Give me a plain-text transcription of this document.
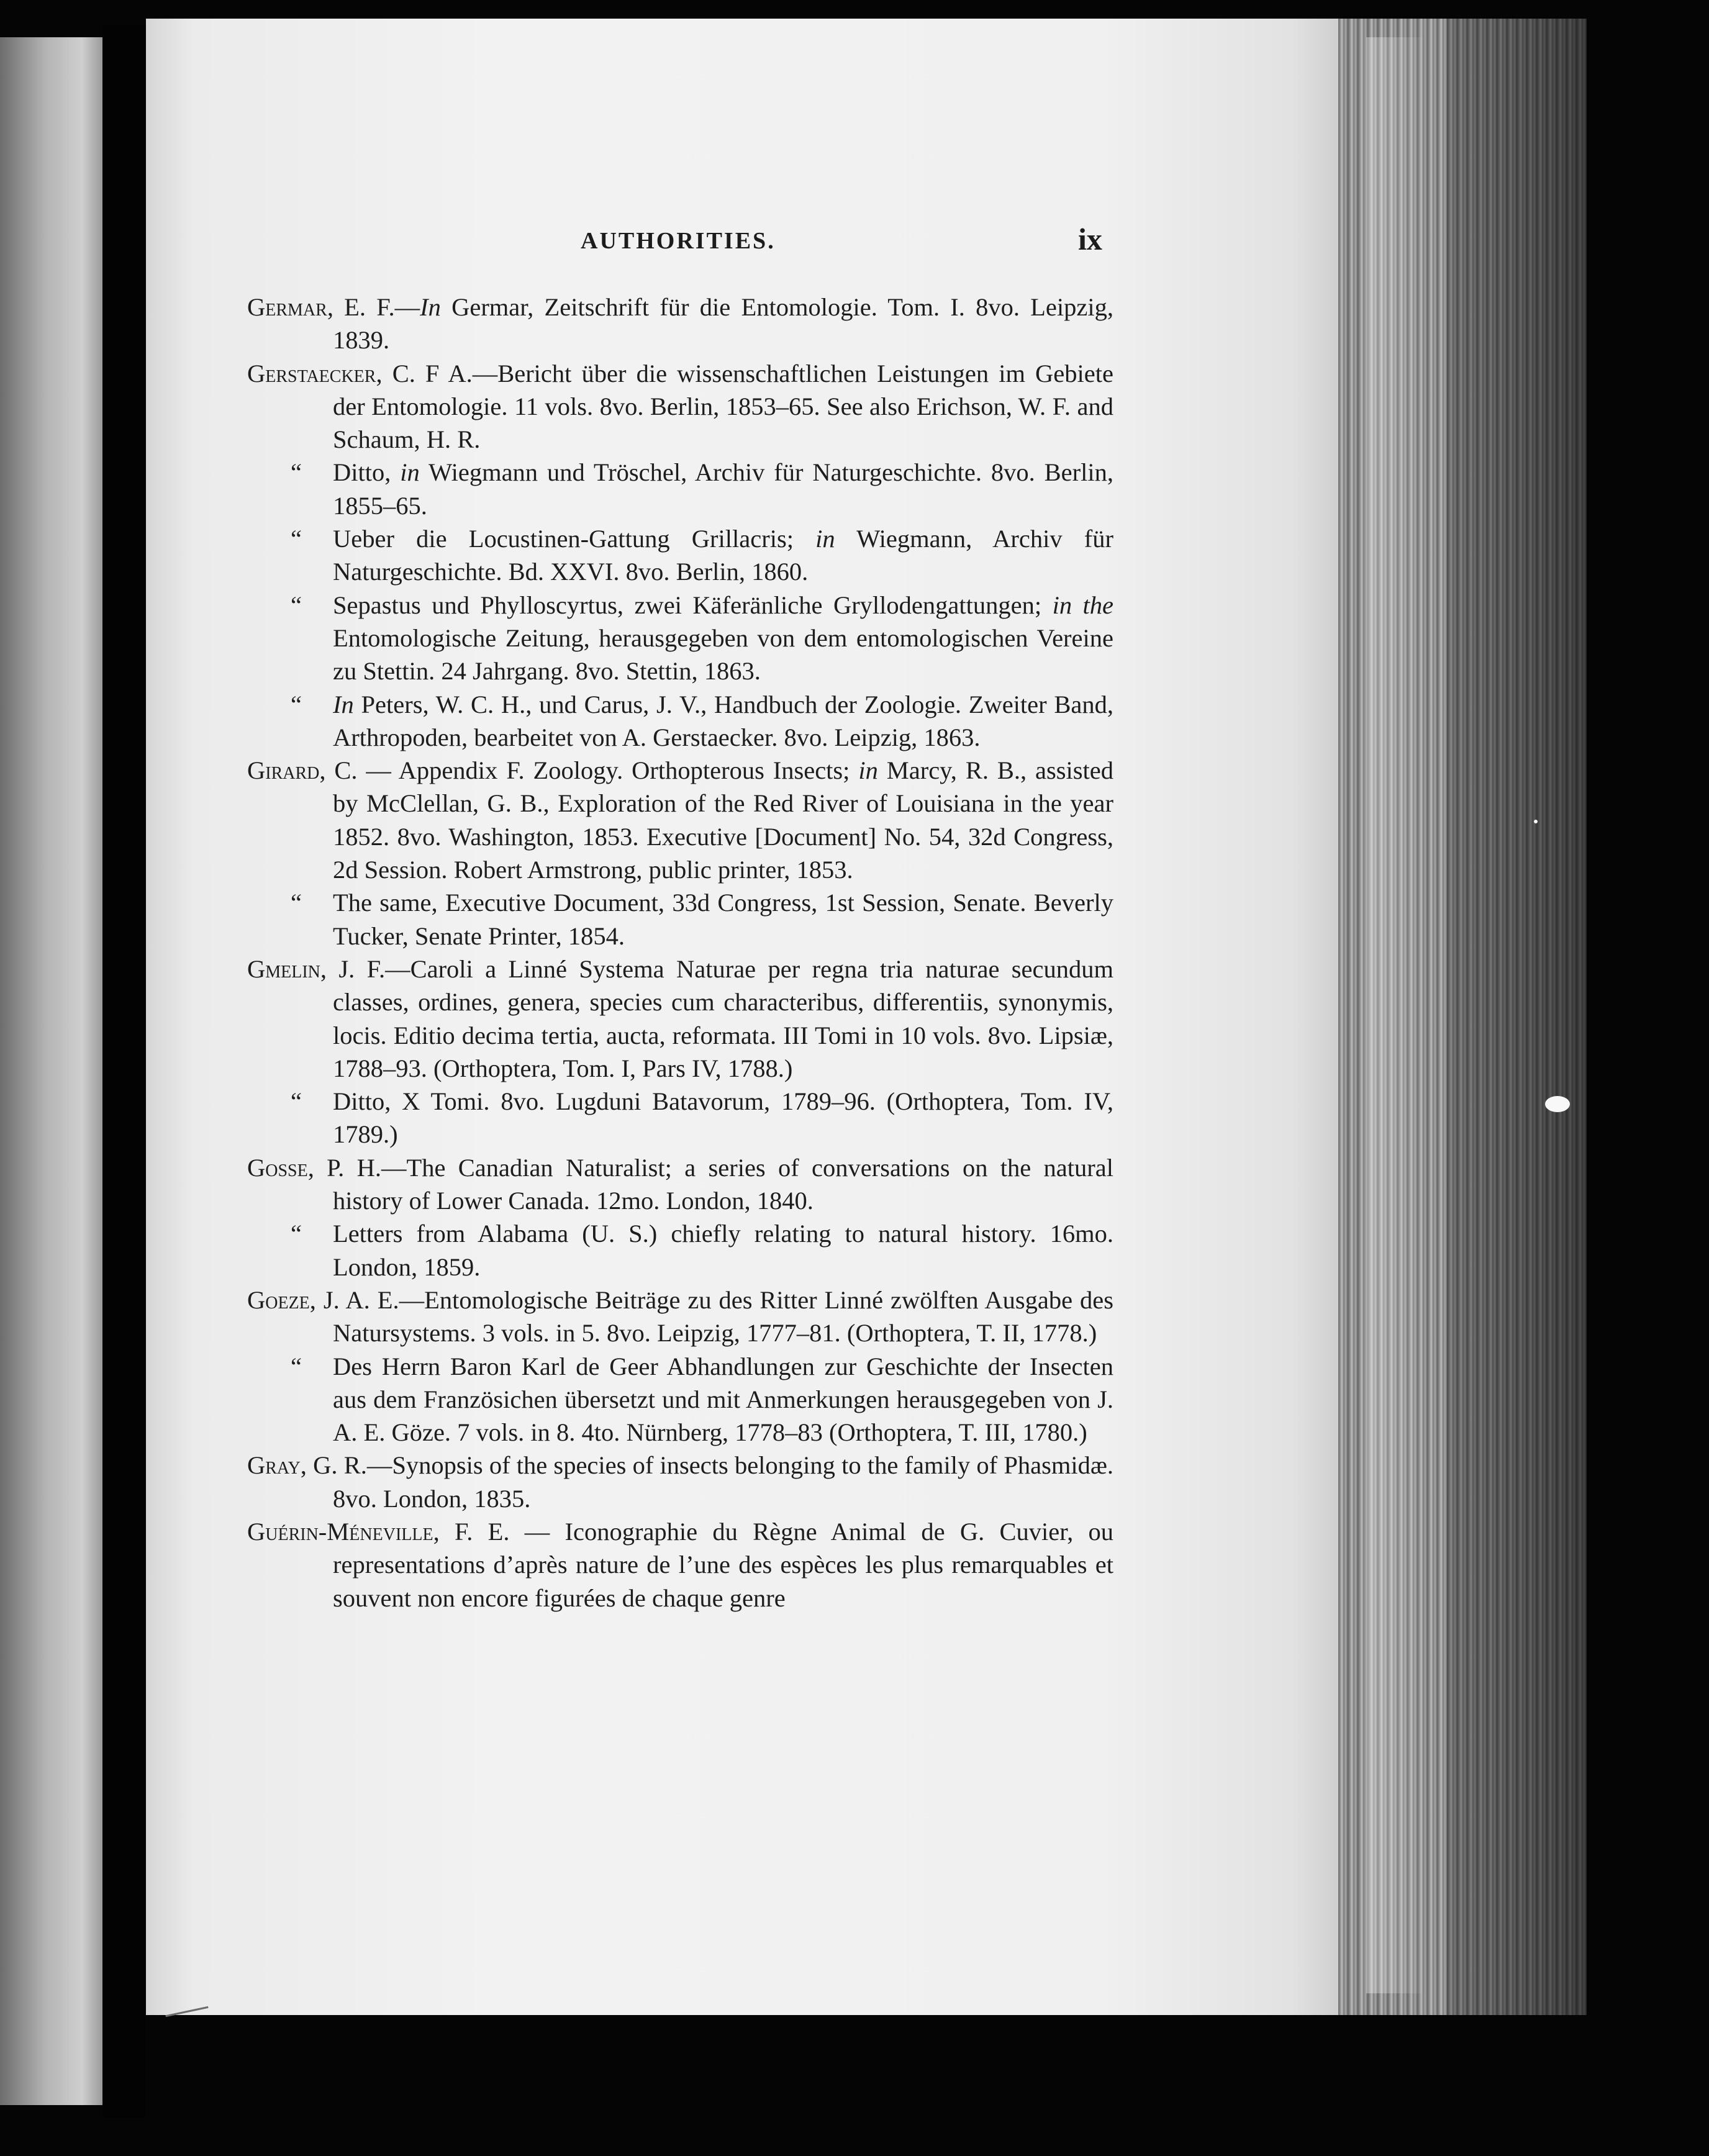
AUTHORITIES.	ix

Germar, E. F.—In Germar, Zeitschrift für die Entomologie. Tom. I. 8vo. Leipzig, 1839.

Gerstaecker, C. F A.—Bericht über die wissenschaftlichen Leistungen im Gebiete der Entomologie. 11 vols. 8vo. Berlin, 1853–65. See also Erichson, W. F. and Schaum, H. R.

“ Ditto, in Wiegmann und Tröschel, Archiv für Naturgeschichte. 8vo. Berlin, 1855–65.

“ Ueber die Locustinen-Gattung Grillacris; in Wiegmann, Archiv für Naturgeschichte. Bd. XXVI. 8vo. Berlin, 1860.

“ Sepastus und Phylloscyrtus, zwei Käferänliche Gryllodengattungen; in the Entomologische Zeitung, herausgegeben von dem entomologischen Vereine zu Stettin. 24 Jahrgang. 8vo. Stettin, 1863.

“ In Peters, W. C. H., und Carus, J. V., Handbuch der Zoologie. Zweiter Band, Arthropoden, bearbeitet von A. Gerstaecker. 8vo. Leipzig, 1863.

Girard, C. — Appendix F. Zoology. Orthopterous Insects; in Marcy, R. B., assisted by McClellan, G. B., Exploration of the Red River of Louisiana in the year 1852. 8vo. Washington, 1853. Executive [Document] No. 54, 32d Congress, 2d Session. Robert Armstrong, public printer, 1853.

“ The same, Executive Document, 33d Congress, 1st Session, Senate. Beverly Tucker, Senate Printer, 1854.

Gmelin, J. F.—Caroli a Linné Systema Naturae per regna tria naturae secundum classes, ordines, genera, species cum characteribus, differentiis, synonymis, locis. Editio decima tertia, aucta, reformata. III Tomi in 10 vols. 8vo. Lipsiæ, 1788–93. (Orthoptera, Tom. I, Pars IV, 1788.)

“ Ditto, X Tomi. 8vo. Lugduni Batavorum, 1789–96. (Orthoptera, Tom. IV, 1789.)

Gosse, P. H.—The Canadian Naturalist; a series of conversations on the natural history of Lower Canada. 12mo. London, 1840.

“ Letters from Alabama (U. S.) chiefly relating to natural history. 16mo. London, 1859.

Goeze, J. A. E.—Entomologische Beiträge zu des Ritter Linné zwölften Ausgabe des Natursystems. 3 vols. in 5. 8vo. Leipzig, 1777–81. (Orthoptera, T. II, 1778.)

“ Des Herrn Baron Karl de Geer Abhandlungen zur Geschichte der Insecten aus dem Französichen übersetzt und mit Anmerkungen herausgegeben von J. A. E. Göze. 7 vols. in 8. 4to. Nürnberg, 1778–83 (Orthoptera, T. III, 1780.)

Gray, G. R.—Synopsis of the species of insects belonging to the family of Phasmidæ. 8vo. London, 1835.

Guérin-Méneville, F. E. — Iconographie du Règne Animal de G. Cuvier, ou representations d’après nature de l’une des espèces les plus remarquables et souvent non encore figurées de chaque genre
